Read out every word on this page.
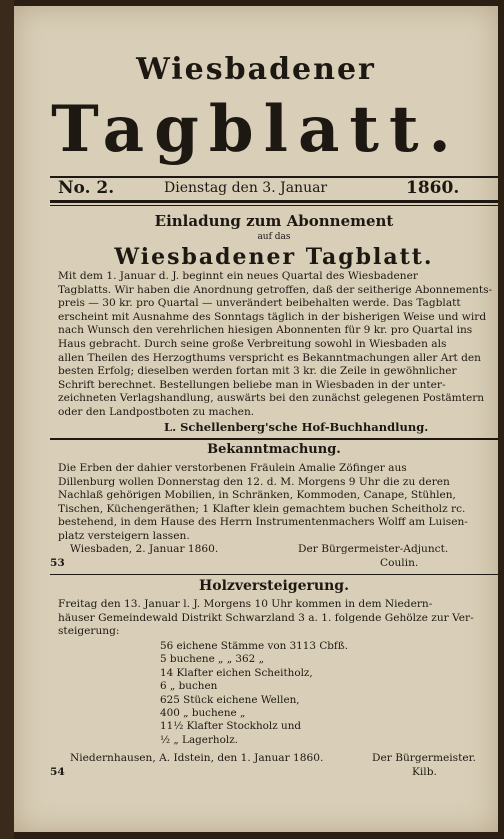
Wiesbadener
Tagblatt.
No. 2.	Dienstag den 3. Januar	1860.
Einladung zum Abonnement
auf das
Wiesbadener Tagblatt.
Mit dem 1. Januar d. J. beginnt ein neues Quartal des Wiesbadener
Tagblatts. Wir haben die Anordnung getroffen, daß der seitherige Abonnements-
preis — 30 kr. pro Quartal — unverändert beibehalten werde. Das Tagblatt
erscheint mit Ausnahme des Sonntags täglich in der bisherigen Weise und wird
nach Wunsch den verehrlichen hiesigen Abonnenten für 9 kr. pro Quartal ins
Haus gebracht. Durch seine große Verbreitung sowohl in Wiesbaden als
allen Theilen des Herzogthums verspricht es Bekanntmachungen aller Art den
besten Erfolg; dieselben werden fortan mit 3 kr. die Zeile in gewöhnlicher
Schrift berechnet. Bestellungen beliebe man in Wiesbaden in der unter-
zeichneten Verlagshandlung, auswärts bei den zunächst gelegenen Postämtern
oder den Landpostboten zu machen.
L. Schellenberg'sche Hof-Buchhandlung.
Bekanntmachung.
Die Erben der dahier verstorbenen Fräulein Amalie Zöfinger aus
Dillenburg wollen Donnerstag den 12. d. M. Morgens 9 Uhr die zu deren
Nachlaß gehörigen Mobilien, in Schränken, Kommoden, Canape, Stühlen,
Tischen, Küchengeräthen; 1 Klafter klein gemachtem buchen Scheitholz rc.
bestehend, in dem Hause des Herrn Instrumentenmachers Wolff am Luisen-
platz versteigern lassen.
Wiesbaden, 2. Januar 1860.	Der Bürgermeister-Adjunct.
53	Coulin.
Holzversteigerung.
Freitag den 13. Januar l. J. Morgens 10 Uhr kommen in dem Niedern-
häuser Gemeindewald Distrikt Schwarzland 3 a. 1. folgende Gehölze zur Ver-
steigerung:
56 eichene Stämme von 3113 Cbfß.
5 buchene „ „ 362 „
14 Klafter eichen Scheitholz,
6 „ buchen
625 Stück eichene Wellen,
400 „ buchene „
11½ Klafter Stockholz und
½ „ Lagerholz.
Niedernhausen, A. Idstein, den 1. Januar 1860.	Der Bürgermeister.
54	Kilb.
